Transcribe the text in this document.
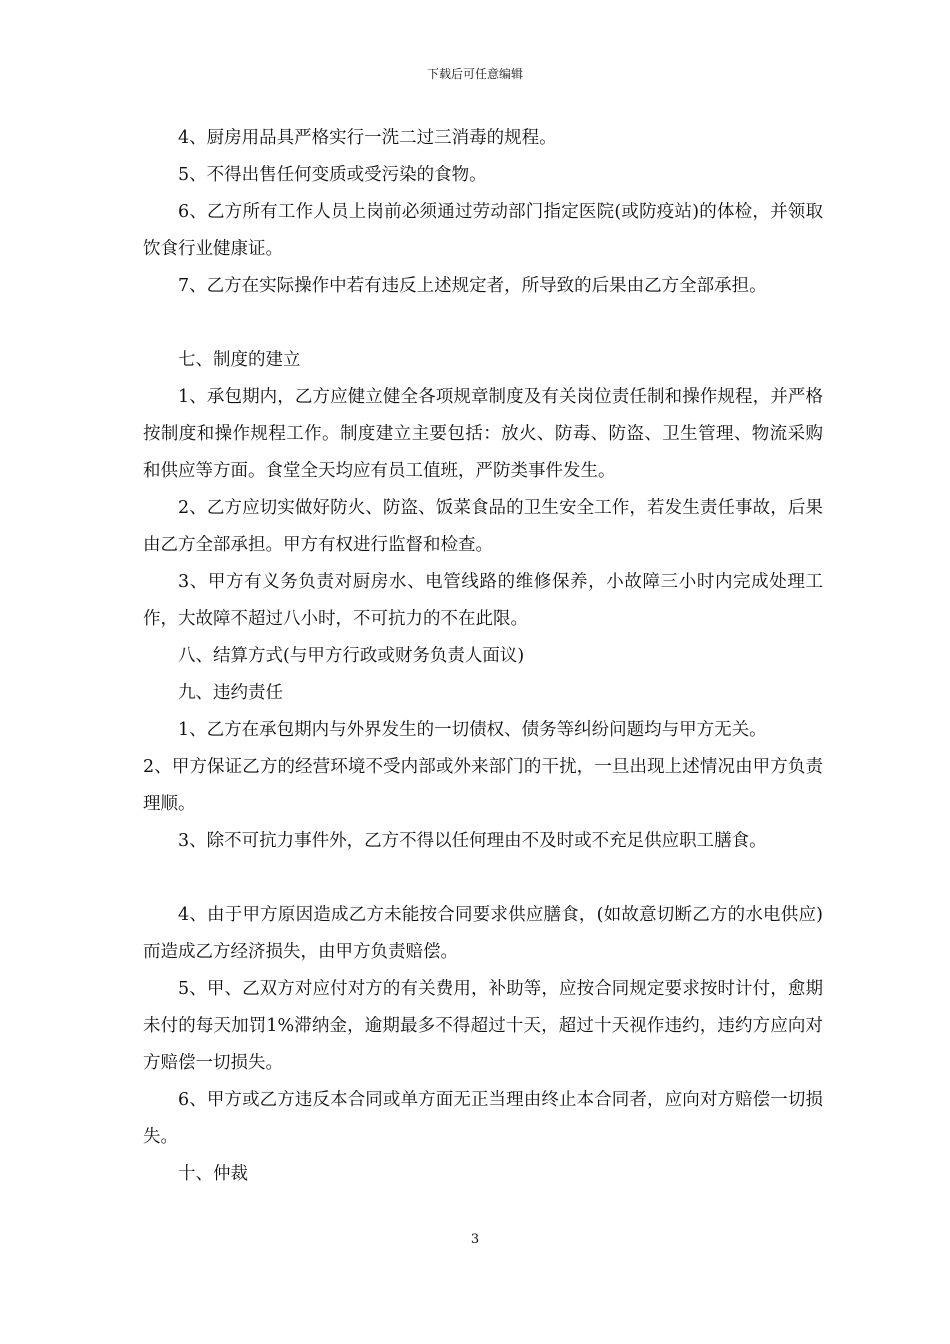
下载后可任意编辑

4、厨房用品具严格实行一洗二过三消毒的规程。

5、不得出售任何变质或受污染的食物。

6、乙方所有工作人员上岗前必须通过劳动部门指定医院(或防疫站)的体检，并领取饮食行业健康证。

7、乙方在实际操作中若有违反上述规定者，所导致的后果由乙方全部承担。

七、制度的建立

1、承包期内，乙方应健立健全各项规章制度及有关岗位责任制和操作规程，并严格按制度和操作规程工作。制度建立主要包括：放火、防毒、防盗、卫生管理、物流采购和供应等方面。食堂全天均应有员工值班，严防类事件发生。

2、乙方应切实做好防火、防盗、饭菜食品的卫生安全工作，若发生责任事故，后果由乙方全部承担。甲方有权进行监督和检查。

3、甲方有义务负责对厨房水、电管线路的维修保养，小故障三小时内完成处理工作，大故障不超过八小时，不可抗力的不在此限。

八、结算方式(与甲方行政或财务负责人面议)

九、违约责任

1、乙方在承包期内与外界发生的一切债权、债务等纠纷问题均与甲方无关。

2、甲方保证乙方的经营环境不受内部或外来部门的干扰，一旦出现上述情况由甲方负责理顺。

3、除不可抗力事件外，乙方不得以任何理由不及时或不充足供应职工膳食。

4、由于甲方原因造成乙方未能按合同要求供应膳食，(如故意切断乙方的水电供应)而造成乙方经济损失，由甲方负责赔偿。

5、甲、乙双方对应付对方的有关费用，补助等，应按合同规定要求按时计付，愈期未付的每天加罚1%滞纳金，逾期最多不得超过十天，超过十天视作违约，违约方应向对方赔偿一切损失。

6、甲方或乙方违反本合同或单方面无正当理由终止本合同者，应向对方赔偿一切损失。

十、仲裁

3
